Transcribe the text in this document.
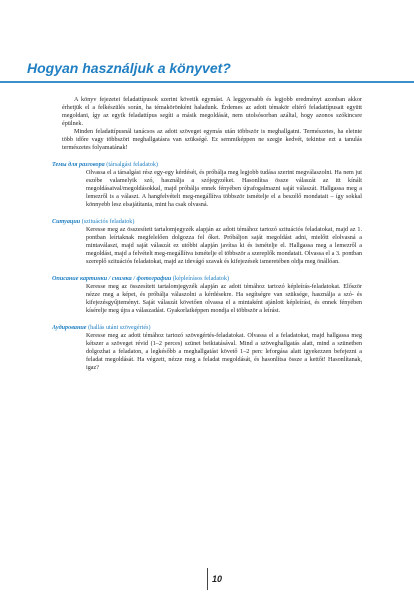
Hogyan használjuk a könyvet?

A könyv fejezetei feladattípusok szerint követik egymást. A leggyorsabb és legjobb eredményt azonban akkor érhetjük el a felkészülés során, ha témakörönként haladunk. Érdemes az adott témakör eltérő feladattípusait együtt megoldani, így az egyik feladattípus segíti a másik megoldását, nem utolsósorban azáltal, hogy azonos szókincsre épülnek.

Minden feladattípusnál tanácsos az adott szöveget egymás után többször is meghallgatni. Természetes, ha eleinte több időre vagy többszöri meghallgatásra van szükségé. Ez semmiképpen ne szegje kedvét, tekintse ezt a tanulás természetes folyamatának!

Темы для разговора (társalgási feladatok)

Olvassa el a társalgási rész egy-egy kérdését, és próbálja meg legjobb tudása szerint megválaszolni. Ha nem jut eszébe valamelyik szó, használja a szójegyzéket. Hasonlítsa össze válaszát az itt kínált megoldásaival/megoldásokkal, majd próbálja ennek fényében újrafogalmazni saját válaszát. Hallgassa meg a lemezről is a választ. A hangfelvételt meg-megállítva többször ismételje el a beszélő mondatait – így sokkal könnyebb lesz elsajátítania, mint ha csak olvasná.

Ситуации (szituációs feladatok)

Keresse meg az összesített tartalomjegyzék alapján az adott témához tartozó szituációs feladatokat, majd az 1. pontban leírtaknak megfelelően dolgozza fel őket. Próbáljon saját megoldást adni, mielőtt elolvasná a mintaválaszt, majd saját válaszát ez utóbbi alapján javítsa ki és ismételje el. Hallgassa meg a lemezről a megoldást, majd a felvételt meg-megállítva ismételje el többször a szereplők mondatait. Olvassa el a 3. pontban szereplő szituációs feladatokat, majd az idevágó szavak és kifejezések ismeretében oldja meg önállóan.

Описание картинки / снимка / фотографии (képleírásos feladatok)

Keresse meg az összesített tartalomjegyzék alapján az adott témához tartozó képleírás-feladatokat. Először nézze meg a képet, és próbálja válaszolni a kérdésekre. Ha segítségre van szüksége, használja a szó- és kifejezésgyűjteményt. Saját válaszát követően olvassa el a mintaként ajánlott képleírást, és ennek fényében kísérelje meg újra a válaszadást. Gyakorlatképpen mondja el többször a leírást.

Аудирование (hallás utáni szövegértés)

Keresse meg az adott témához tartozó szövegértés-feladatokat. Olvassa el a feladatokat, majd hallgassa meg kétszer a szöveget révid (1–2 perces) szünet beiktatásával. Mind a szöveghallgatás alatt, mind a szünetben dolgozhat a feladaton, a legkésőbb a meghallgatást követő 1–2 perc leforgása alatt igyekezzen befejezni a feladat megoldását. Ha végzett, nézze meg a feladat megoldását, és hasonlítsa össze a kettőt! Hasonlítanak, igaz?

10
